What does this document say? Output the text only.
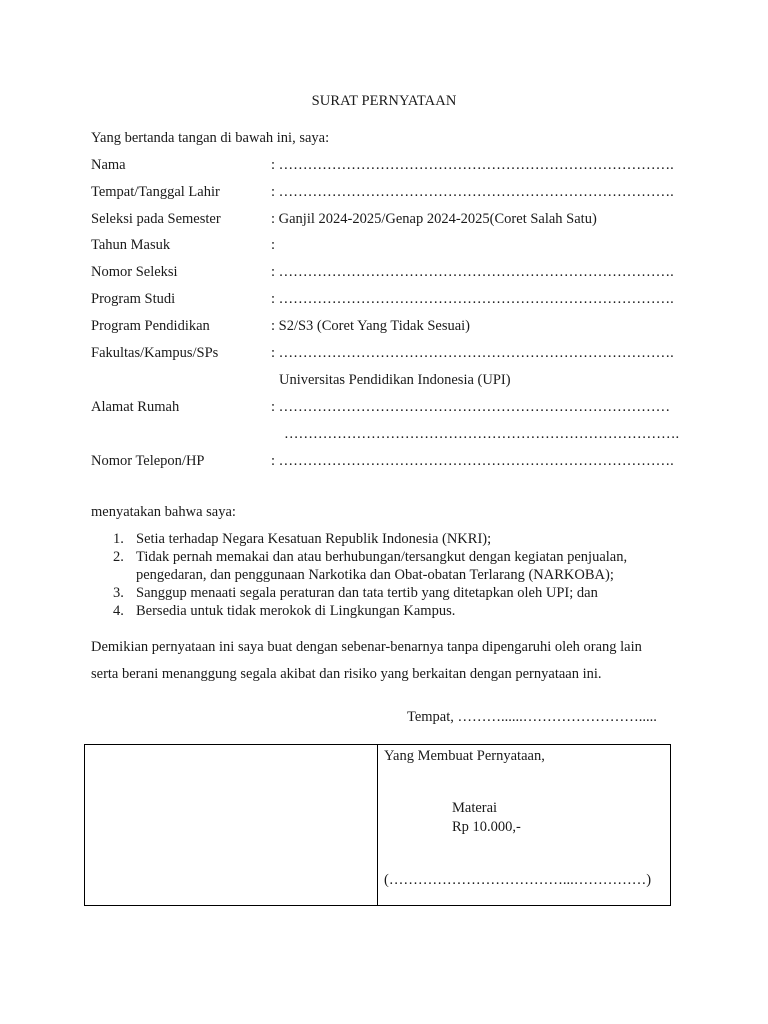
SURAT PERNYATAAN
Yang bertanda tangan di bawah ini, saya:
Nama	: ……………………………………………………………………….
Tempat/Tanggal Lahir	: ……………………………………………………………………….
Seleksi pada Semester	: Ganjil 2024-2025/Genap 2024-2025(Coret Salah Satu)
Tahun Masuk	:
Nomor Seleksi	: ……………………………………………………………………….
Program Studi	: ……………………………………………………………………….
Program Pendidikan	: S2/S3 (Coret Yang Tidak Sesuai)
Fakultas/Kampus/SPs	: ……………………………………………………………………….
Universitas Pendidikan Indonesia (UPI)
Alamat Rumah	: ………………………………………………………………………
……………………………………………………………………….
Nomor Telepon/HP	: ……………………………………………………………………….
menyatakan bahwa saya:
1. Setia terhadap Negara Kesatuan Republik Indonesia (NKRI);
2. Tidak pernah memakai dan atau berhubungan/tersangkut dengan kegiatan penjualan,
pengedaran, dan penggunaan Narkotika dan Obat-obatan Terlarang (NARKOBA);
3. Sanggup menaati segala peraturan dan tata tertib yang ditetapkan oleh UPI; dan
4. Bersedia untuk tidak merokok di Lingkungan Kampus.
Demikian pernyataan ini saya buat dengan sebenar-benarnya tanpa dipengaruhi oleh orang lain
serta berani menanggung segala akibat dan risiko yang berkaitan dengan pernyataan ini.
Tempat, ………......…………………….....
Yang Membuat Pernyataan,
Materai
Rp 10.000,-
(………………………………...……………)
